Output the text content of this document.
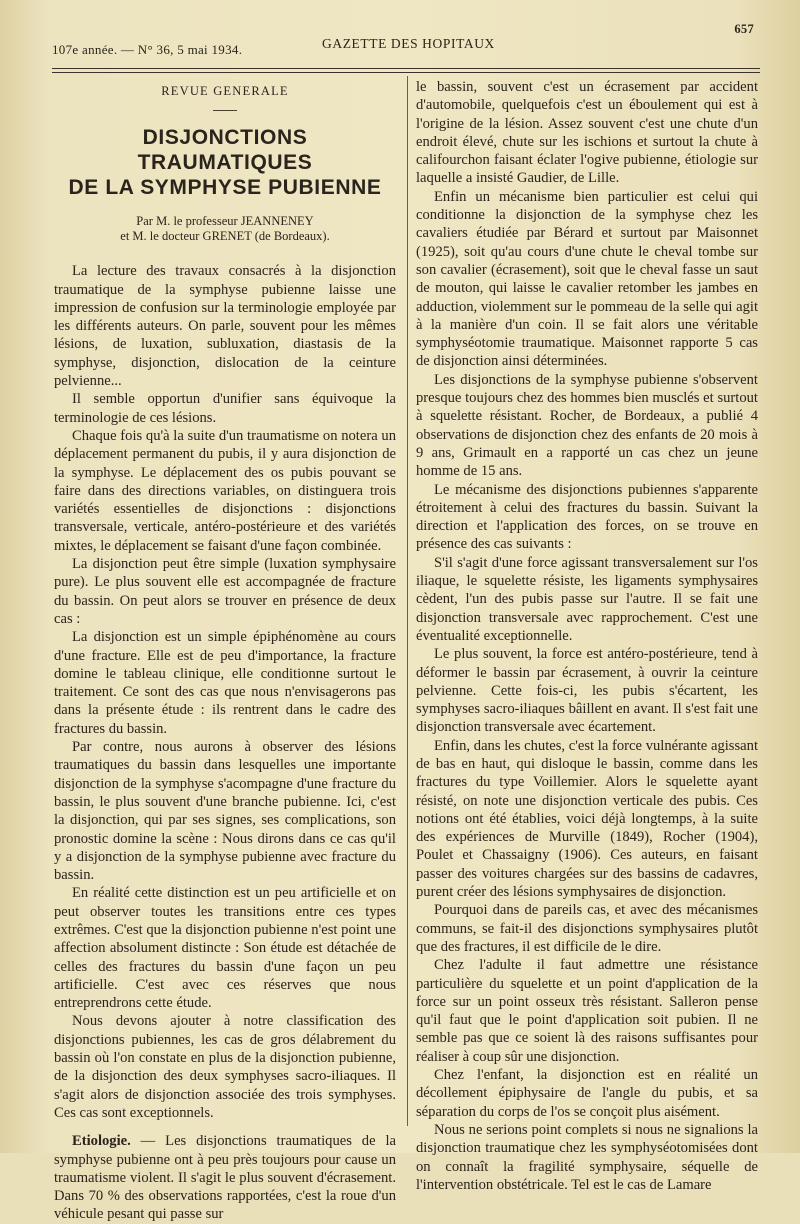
107e année. — N° 36, 5 mai 1934.	GAZETTE DES HOPITAUX
657
REVUE GENERALE
DISJONCTIONS TRAUMATIQUES
DE LA SYMPHYSE PUBIENNE
Par M. le professeur JEANNENEY
et M. le docteur GRENET (de Bordeaux).

La lecture des travaux consacrés à la disjonction traumatique de la symphyse pubienne laisse une impression de confusion sur la terminologie employée par les différents auteurs. On parle, souvent pour les mêmes lésions, de luxation, subluxation, diastasis de la symphyse, disjonction, dislocation de la ceinture pelvienne...

Il semble opportun d'unifier sans équivoque la terminologie de ces lésions.

Chaque fois qu'à la suite d'un traumatisme on notera un déplacement permanent du pubis, il y aura disjonction de la symphyse. Le déplacement des os pubis pouvant se faire dans des directions variables, on distinguera trois variétés essentielles de disjonctions : disjonctions transversale, verticale, antéro-postérieure et des variétés mixtes, le déplacement se faisant d'une façon combinée.

La disjonction peut être simple (luxation symphysaire pure). Le plus souvent elle est accompagnée de fracture du bassin. On peut alors se trouver en présence de deux cas :

La disjonction est un simple épiphénomène au cours d'une fracture. Elle est de peu d'importance, la fracture domine le tableau clinique, elle conditionne surtout le traitement. Ce sont des cas que nous n'envisagerons pas dans la présente étude : ils rentrent dans le cadre des fractures du bassin.

Par contre, nous aurons à observer des lésions traumatiques du bassin dans lesquelles une importante disjonction de la symphyse s'acompagne d'une fracture du bassin, le plus souvent d'une branche pubienne. Ici, c'est la disjonction, qui par ses signes, ses complications, son pronostic domine la scène : Nous dirons dans ce cas qu'il y a disjonction de la symphyse pubienne avec fracture du bassin.

En réalité cette distinction est un peu artificielle et on peut observer toutes les transitions entre ces types extrêmes. C'est que la disjonction pubienne n'est point une affection absolument distincte : Son étude est détachée de celles des fractures du bassin d'une façon un peu artificielle. C'est avec ces réserves que nous entreprendrons cette étude.

Nous devons ajouter à notre classification des disjonctions pubiennes, les cas de gros délabrement du bassin où l'on constate en plus de la disjonction pubienne, de la disjonction des deux symphyses sacro-iliaques. Il s'agit alors de disjonction associée des trois symphyses. Ces cas sont exceptionnels.

Etiologie. — Les disjonctions traumatiques de la symphyse pubienne ont à peu près toujours pour cause un traumatisme violent. Il s'agit le plus souvent d'écrasement. Dans 70 % des observations rapportées, c'est la roue d'un véhicule pesant qui passe sur

le bassin, souvent c'est un écrasement par accident d'automobile, quelquefois c'est un éboulement qui est à l'origine de la lésion. Assez souvent c'est une chute d'un endroit élevé, chute sur les ischions et surtout la chute à califourchon faisant éclater l'ogive pubienne, étiologie sur laquelle a insisté Gaudier, de Lille.

Enfin un mécanisme bien particulier est celui qui conditionne la disjonction de la symphyse chez les cavaliers étudiée par Bérard et surtout par Maisonnet (1925), soit qu'au cours d'une chute le cheval tombe sur son cavalier (écrasement), soit que le cheval fasse un saut de mouton, qui laisse le cavalier retomber les jambes en adduction, violemment sur le pommeau de la selle qui agit à la manière d'un coin. Il se fait alors une véritable symphyséotomie traumatique. Maisonnet rapporte 5 cas de disjonction ainsi déterminées.

Les disjonctions de la symphyse pubienne s'observent presque toujours chez des hommes bien musclés et surtout à squelette résistant. Rocher, de Bordeaux, a publié 4 observations de disjonction chez des enfants de 20 mois à 9 ans, Grimault en a rapporté un cas chez un jeune homme de 15 ans.

Le mécanisme des disjonctions pubiennes s'apparente étroitement à celui des fractures du bassin. Suivant la direction et l'application des forces, on se trouve en présence des cas suivants :

S'il s'agit d'une force agissant transversalement sur l'os iliaque, le squelette résiste, les ligaments symphysaires cèdent, l'un des pubis passe sur l'autre. Il se fait une disjonction transversale avec rapprochement. C'est une éventualité exceptionnelle.

Le plus souvent, la force est antéro-postérieure, tend à déformer le bassin par écrasement, à ouvrir la ceinture pelvienne. Cette fois-ci, les pubis s'écartent, les symphyses sacro-iliaques bâillent en avant. Il s'est fait une disjonction transversale avec écartement.

Enfin, dans les chutes, c'est la force vulnérante agissant de bas en haut, qui disloque le bassin, comme dans les fractures du type Voillemier. Alors le squelette ayant résisté, on note une disjonction verticale des pubis. Ces notions ont été établies, voici déjà longtemps, à la suite des expériences de Murville (1849), Rocher (1904), Poulet et Chassaigny (1906). Ces auteurs, en faisant passer des voitures chargées sur des bassins de cadavres, purent créer des lésions symphysaires de disjonction.

Pourquoi dans de pareils cas, et avec des mécanismes communs, se fait-il des disjonctions symphysaires plutôt que des fractures, il est difficile de le dire.

Chez l'adulte il faut admettre une résistance particulière du squelette et un point d'application de la force sur un point osseux très résistant. Salleron pense qu'il faut que le point d'application soit pubien. Il ne semble pas que ce soient là des raisons suffisantes pour réaliser à coup sûr une disjonction.

Chez l'enfant, la disjonction est en réalité un décollement épiphysaire de l'angle du pubis, et sa séparation du corps de l'os se conçoit plus aisément.

Nous ne serions point complets si nous ne signalions la disjonction traumatique chez les symphyséotomisées dont on connaît la fragilité symphysaire, séquelle de l'intervention obstétricale. Tel est le cas de Lamare
